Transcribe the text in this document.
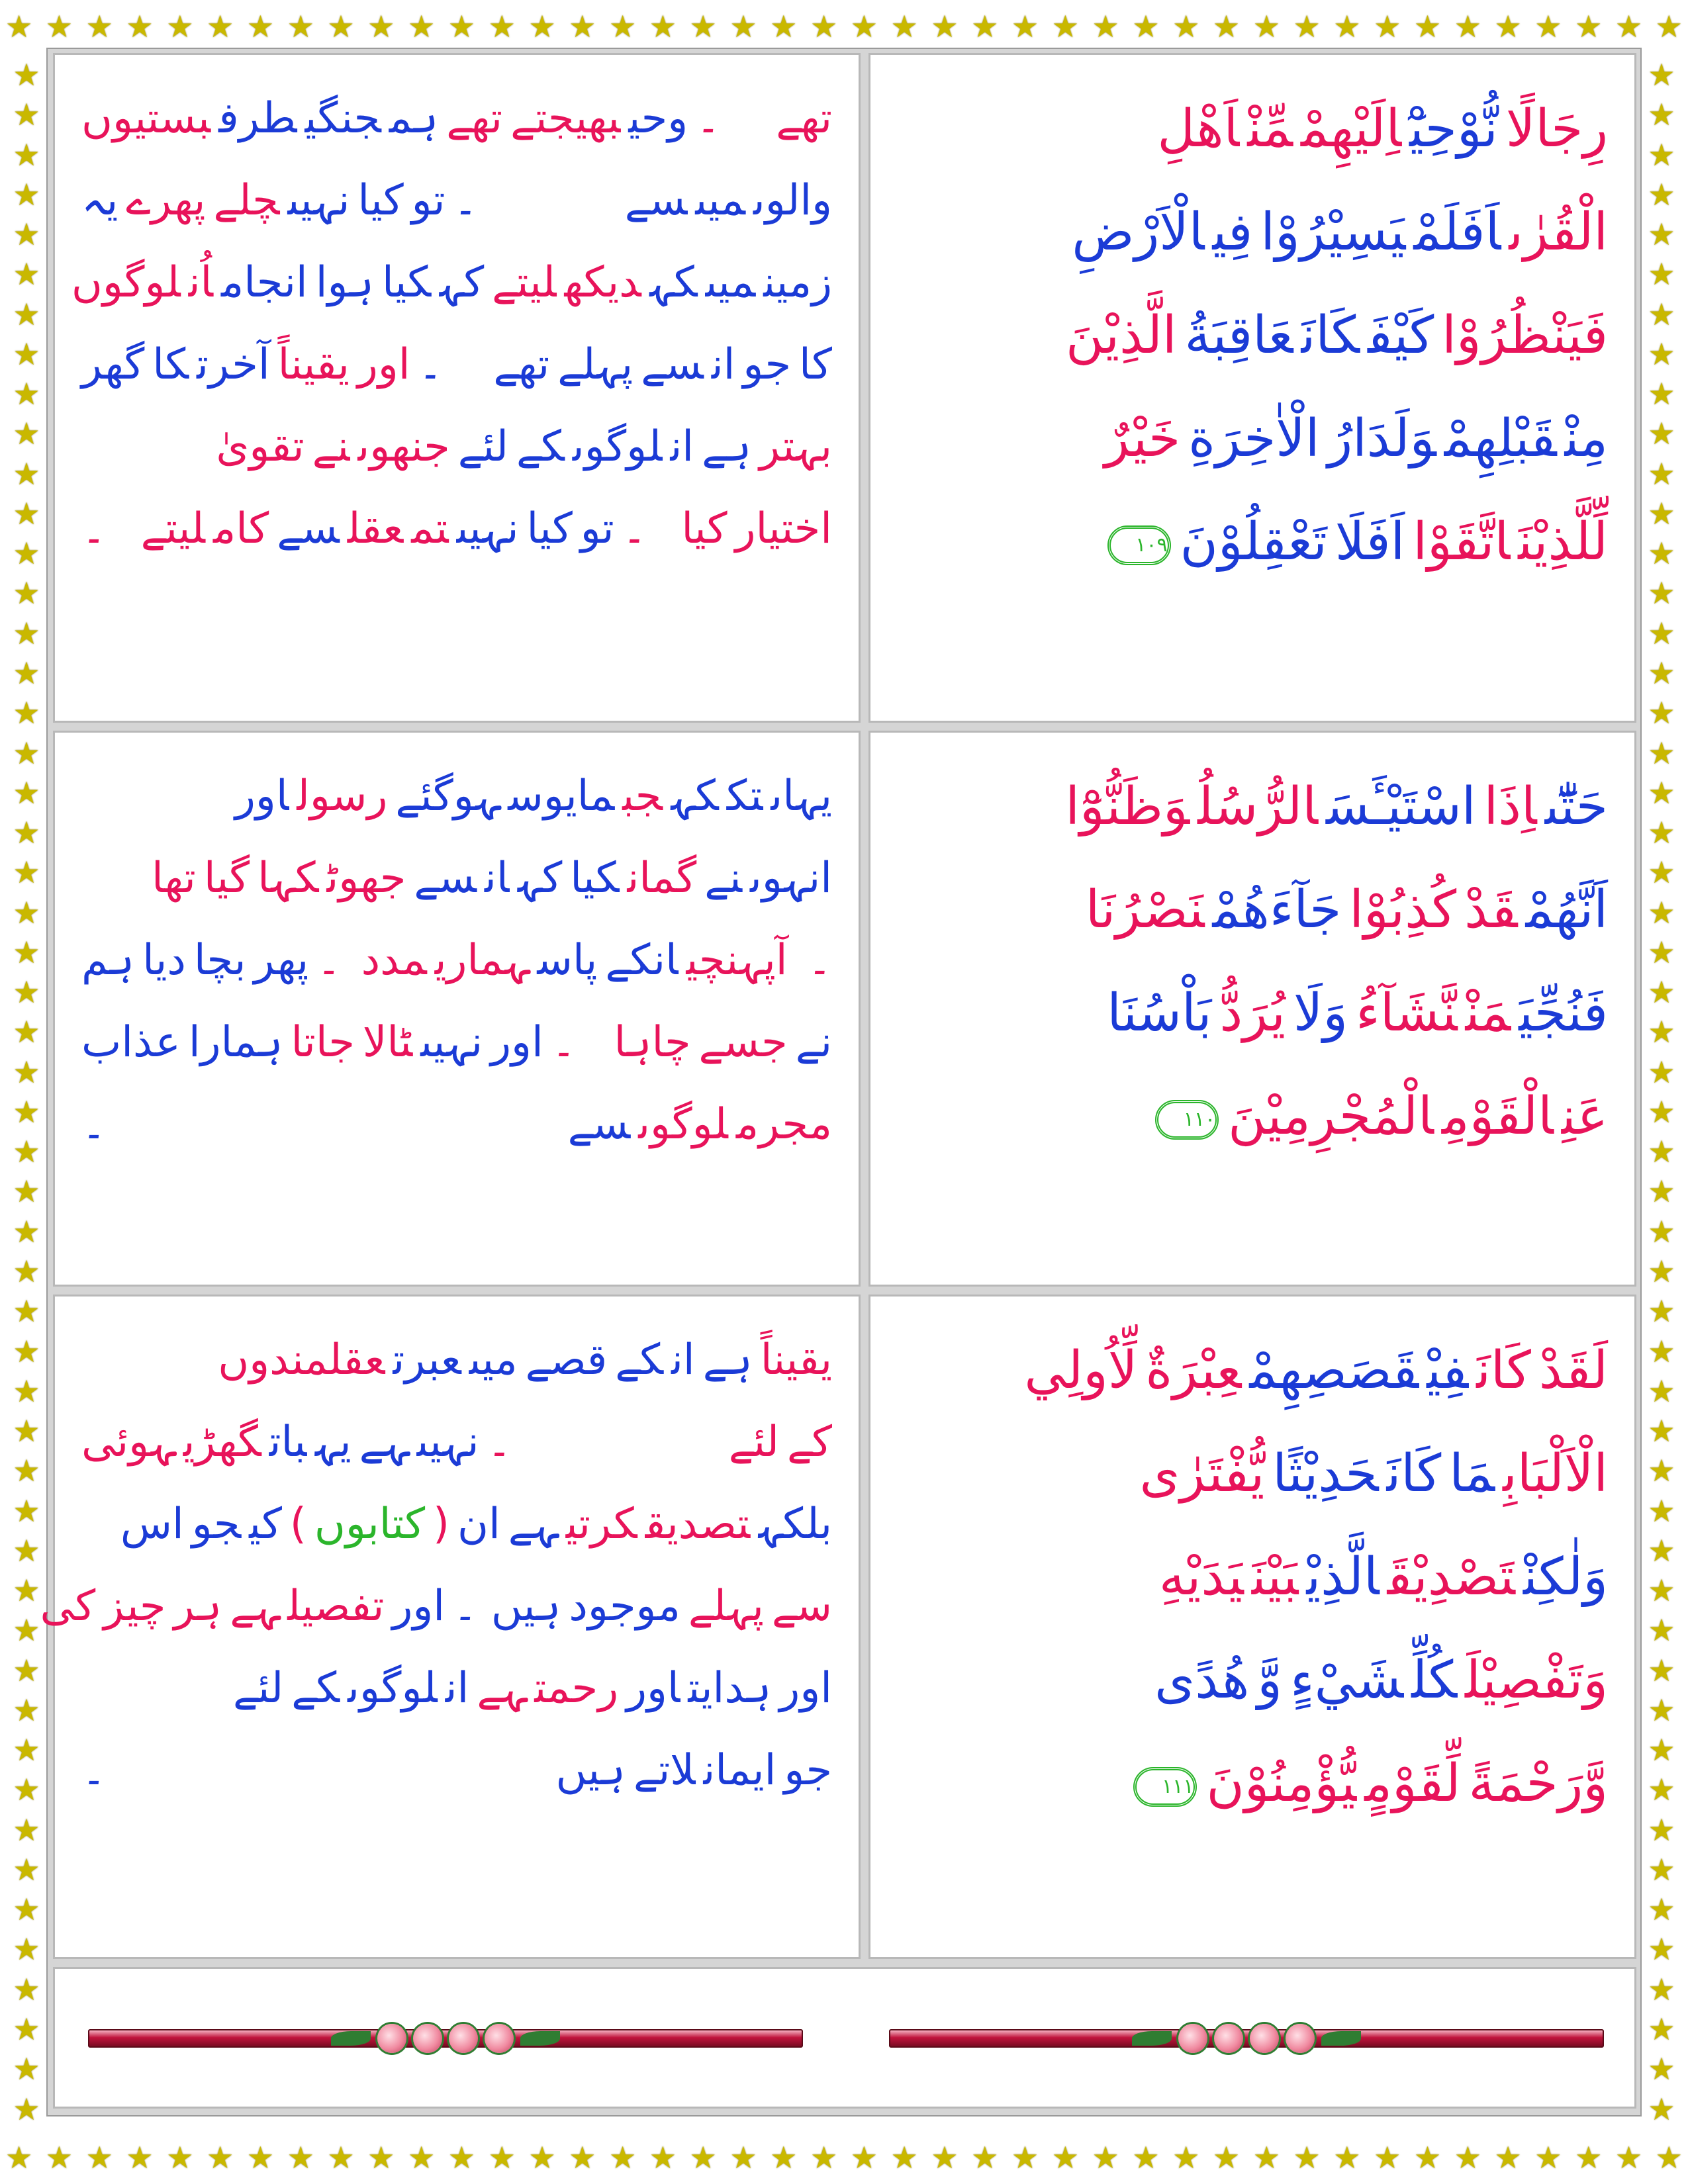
★ ★ ★ ★ ★ ★ ★ ★ ★ ★ ★ ★ ★ ★ ★ ★ ★ ★ ★ ★ ★ ★ ★ ★ ★ ★ ★ ★ ★ ★ ★ ★ ★ ★ ★ ★ ★ ★ ★ ★ ★ ★
★ ★ ★ ★ ★ ★ ★ ★ ★ ★ ★ ★ ★ ★ ★ ★ ★ ★ ★ ★ ★ ★ ★ ★ ★ ★ ★ ★ ★ ★ ★ ★ ★ ★ ★ ★ ★ ★ ★ ★ ★ ★
★
★
★
★
★
★
★
★
★
★
★
★
★
★
★
★
★
★
★
★
★
★
★
★
★
★
★
★
★
★
★
★
★
★
★
★
★
★
★
★
★
★
★
★
★
★
★
★
★
★
★
★
★
★
★
★
★
★
★
★
★
★
★
★
★
★
★
★
★
★
★
★
★
★
★
★
★
★
★
★
★
★
★
★
★
★
★
★
★
★
★
★
★
★
★
★
★
★
★
★
★
★
★
★
رِجَالًانُّوْحِيْٓاِلَيْهِمْمِّنْاَهْلِ
الْقُرٰىاَفَلَمْيَسِيْرُوْافِيالْاَرْضِ
فَيَنْظُرُوْاكَيْفَكَانَعَاقِبَةُالَّذِيْنَ
مِنْقَبْلِهِمْوَلَدَارُالْاٰخِرَةِخَيْرٌ
لِّلَّذِيْنَاتَّقَوْااَفَلَاتَعْقِلُوْنَ١٠٩
تھے ۔وحیبھیجتےتھےہمجنگیطرفبستیوں
والوںمیںسے ۔توکیانہیںچلےپھرےیہ
زمینمیںکہدیکھلیتےکہکیاہواانجاماُنلوگوں
کاجوانسےپہلےتھے ۔اوریقیناًآخرتکاگھر
بہترہےانلوگوںکےلئےجنھوںنےتقویٰ
اختیارکیا ۔توکیانہیںتمعقلسےکاملیتے ۔
حَتّٰٓىاِذَااسْتَيْـَٔسَالرُّسُلُوَظَنُّوْٓا
اَنَّهُمْقَدْكُذِبُوْاجَآءَهُمْنَصْرُنَا
فَنُجِّيَمَنْنَّشَآءُوَلَايُرَدُّبَاْسُنَا
عَنِالْقَوْمِالْمُجْرِمِيْنَ١١٠
یہاںتککہجبمایوسہوگئےرسولاور
انہوںنےگمانکیاکہانسےجھوٹکہاگیاتھا
۔ آپہنچیانکےپاسہماریمدد ۔پھربچادیاہم
نےجسےچاہا ۔اورنہیںٹالاجاتاہماراعذاب
مجرملوگوںسے ۔
لَقَدْكَانَفِيْقَصَصِهِمْعِبْرَةٌلِّاُولِي
الْاَلْبَابِمَاكَانَحَدِيْثًايُّفْتَرٰى
وَلٰكِنْتَصْدِيْقَالَّذِيْبَيْنَيَدَيْهِ
وَتَفْصِيْلَكُلِّشَيْءٍوَّهُدًى
وَّرَحْمَةًلِّقَوْمٍيُّؤْمِنُوْنَ١١١
یقیناًہےانکےقصےمیںعبرتعقلمندوں
کےلئے ۔نہیںہےیہباتگھڑیہوئی
بلکہتصدیقکرتیہےان(کتابوں)کیجواس
سےپہلےموجودہیں ۔اورتفصیلہےہرچیزکی
اورہدایتاوررحمتہےانلوگوںکےلئے
جوایمانلاتےہیں ۔
